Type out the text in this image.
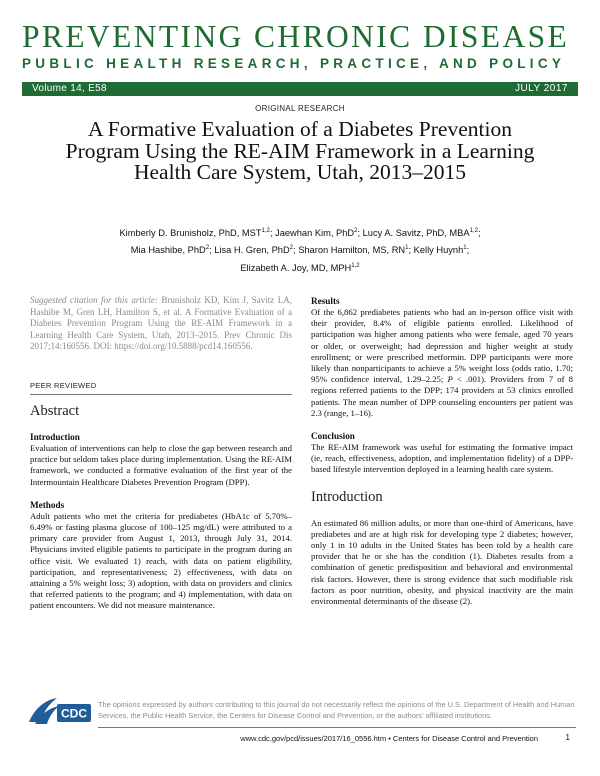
PREVENTING CHRONIC DISEASE
PUBLIC HEALTH RESEARCH, PRACTICE, AND POLICY
Volume 14, E58	JULY 2017
ORIGINAL RESEARCH
A Formative Evaluation of a Diabetes Prevention Program Using the RE-AIM Framework in a Learning Health Care System, Utah, 2013–2015
Kimberly D. Brunisholz, PhD, MST$^{1,2}$; Jaewhan Kim, PhD$^2$; Lucy A. Savitz, PhD, MBA$^{1,2}$;
Mia Hashibe, PhD$^2$; Lisa H. Gren, PhD$^2$; Sharon Hamilton, MS, $RN^1$; Kelly Huynh$^1$;
Elizabeth A. Joy, MD, MPH$^{1,2}$
Suggested citation for this article: Brunisholz KD, Kim J, Savitz LA, Hashibe M, Gren LH, Hamilton S, et al. A Formative Evaluation of a Diabetes Prevention Program Using the RE-AIM Framework in a Learning Health Care System, Utah, 2013–2015. Prev Chronic Dis 2017;14:160556. DOI: https://doi.org/10.5888/pcd14.160556.
PEER REVIEWED
Abstract
Introduction

Evaluation of interventions can help to close the gap between research and practice but seldom takes place during implementation. Using the RE-AIM framework, we conducted a formative evaluation of the first year of the Intermountain Healthcare Diabetes Prevention Program (DPP).

Methods

Adult patients who met the criteria for prediabetes (HbA1c of 5.70%–6.49% or fasting plasma glucose of 100–125 mg/dL) were attributed to a primary care provider from August 1, 2013, through July 31, 2014. Physicians invited eligible patients to participate in the program during an office visit. We evaluated 1) reach, with data on patient eligibility, participation, and representativeness; 2) effectiveness, with data on attaining a 5% weight loss; 3) adoption, with data on providers and clinics that referred patients to the program; and 4) implementation, with data on patient encounters. We did not measure maintenance.

Results

Of the 6,862 prediabetes patients who had an in-person office visit with their provider, 8.4% of eligible patients enrolled. Likelihood of participation was higher among patients who were female, aged 70 years or older, or overweight; had depression and higher weight at study enrollment; or were prescribed metformin. DPP participants were more likely than nonparticipants to achieve a 5% weight loss (odds ratio, 1.70; 95% confidence interval, 1.29–2.25; P < .001). Providers from 7 of 8 regions referred patients to the DPP; 174 providers at 53 clinics enrolled patients. The mean number of DPP counseling encounters per patient was 2.3 (range, 1–16).

Conclusion

The RE-AIM framework was useful for estimating the formative impact (ie, reach, effectiveness, adoption, and implementation fidelity) of a DPP-based lifestyle intervention deployed in a learning health care system.

Introduction

An estimated 86 million adults, or more than one-third of Americans, have prediabetes and are at high risk for developing type 2 diabetes; however, only 1 in 10 adults in the United States has been told by a health care provider that he or she has the condition (1). Diabetes results from a combination of genetic predisposition and behavioral and environmental risk factors. However, there is strong evidence that such modifiable risk factors as poor nutrition, obesity, and physical inactivity are the main environmental determinants of the disease (2).

CDC
The opinions expressed by authors contributing to this journal do not necessarily reflect the opinions of the U.S. Department of Health and Human Services, the Public Health Service, the Centers for Disease Control and Prevention, or the authors' affiliated institutions.
www.cdc.gov/pcd/issues/2017/16_0556.htm • Centers for Disease Control and Prevention	1
